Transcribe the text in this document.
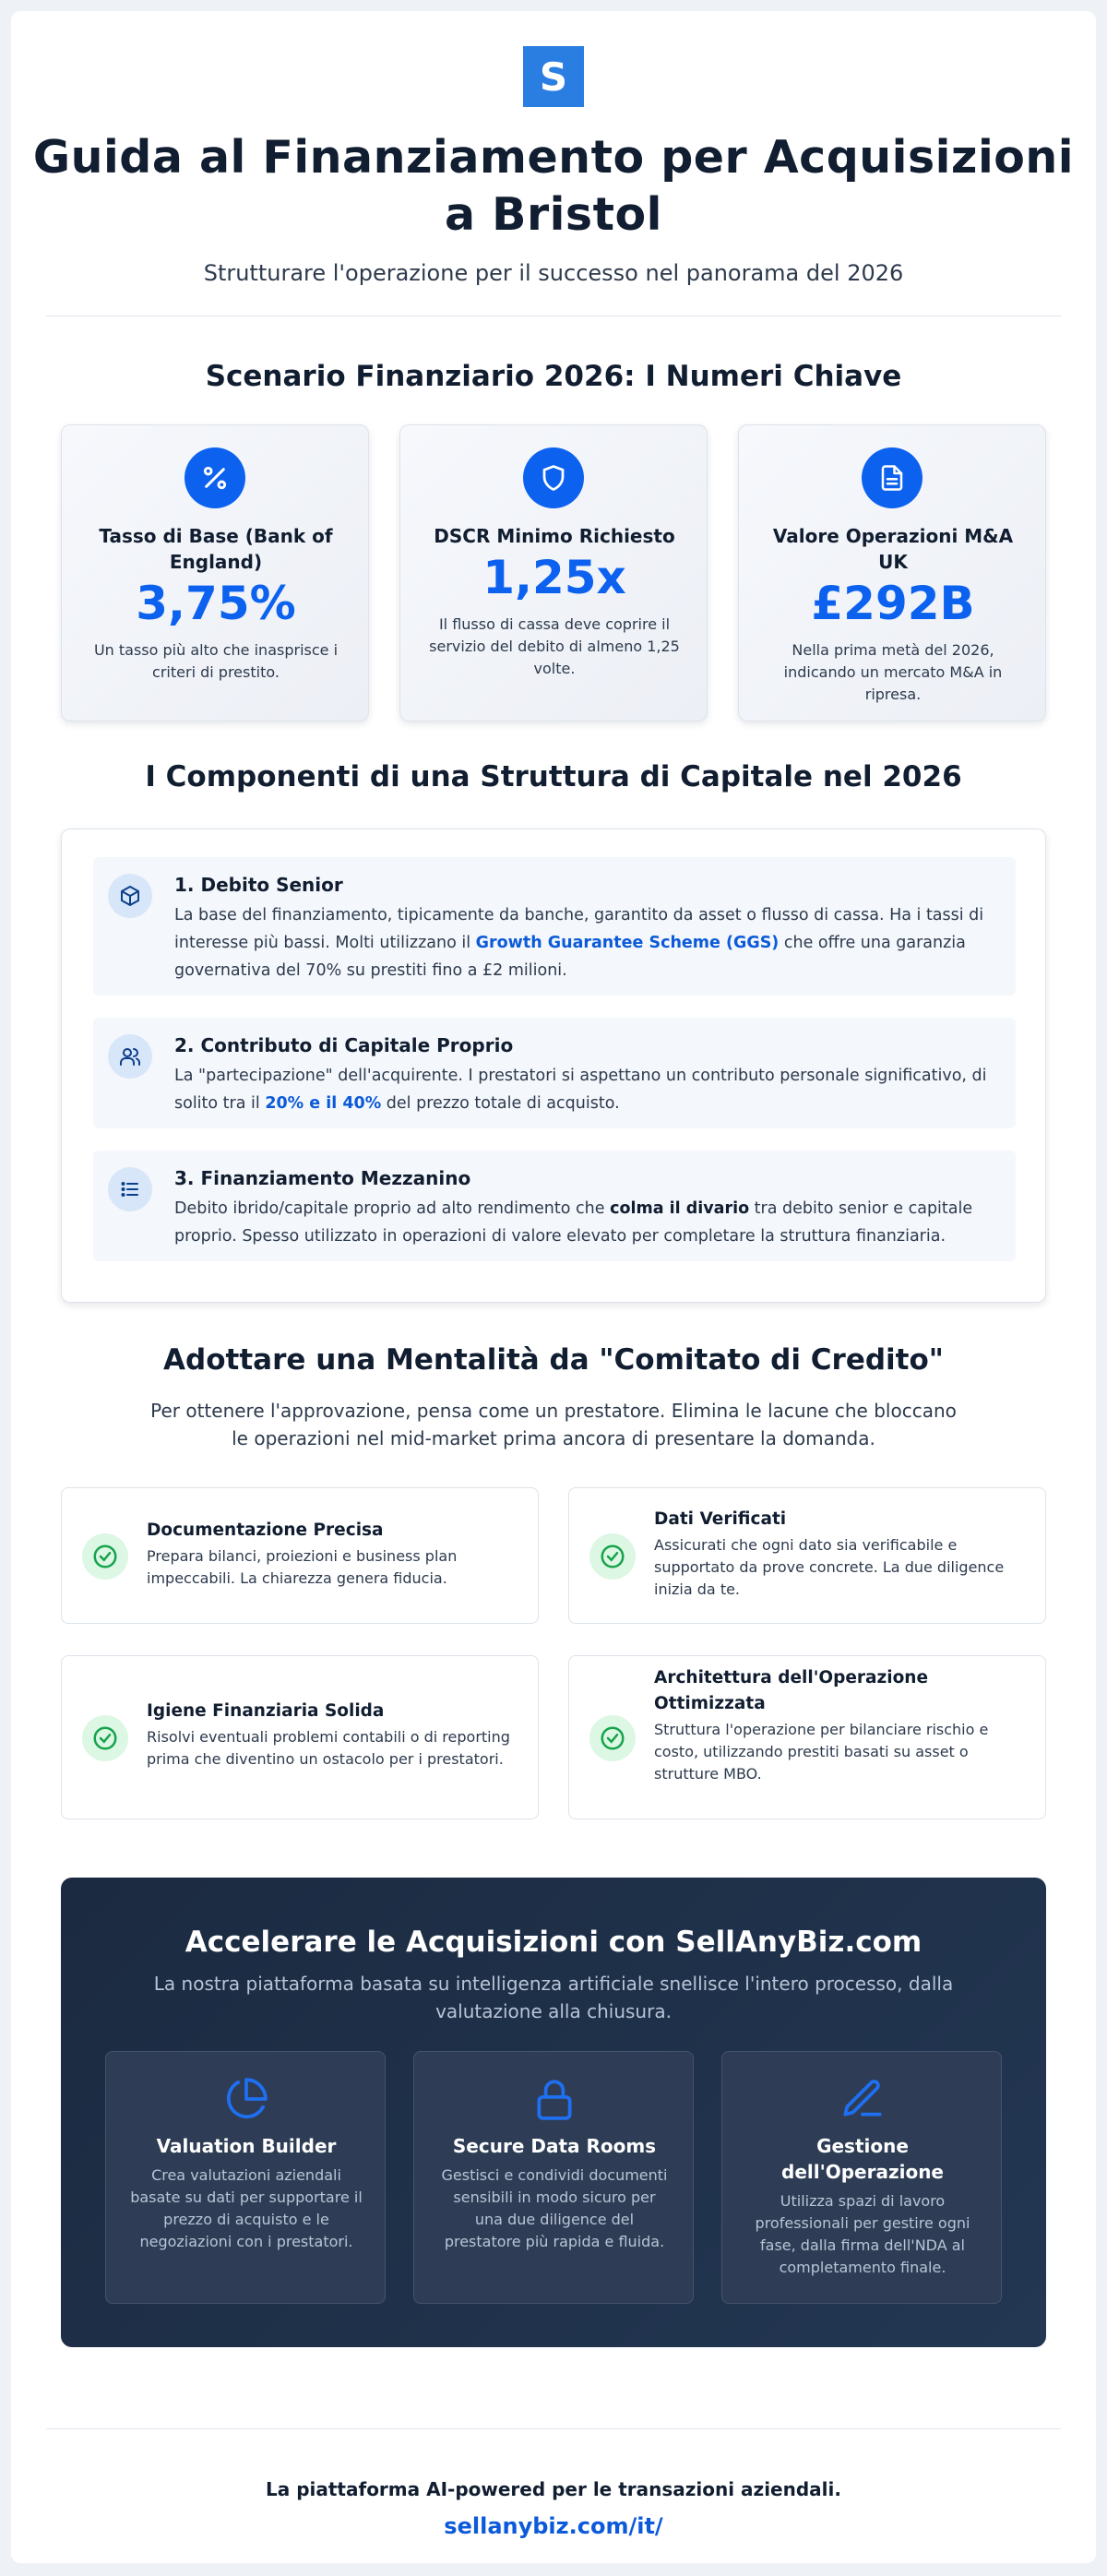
S
Guida al Finanziamento per Acquisizioni a Bristol

Strutturare l'operazione per il successo nel panorama del 2026

Scenario Finanziario 2026: I Numeri Chiave
Tasso di Base (Bank of England)
3,75%
Un tasso più alto che inasprisce i criteri di prestito.
DSCR Minimo Richiesto
1,25x
Il flusso di cassa deve coprire il servizio del debito di almeno 1,25 volte.
Valore Operazioni M&A UK
£292B
Nella prima metà del 2026, indicando un mercato M&A in ripresa.
I Componenti di una Struttura di Capitale nel 2026
1. Debito Senior
La base del finanziamento, tipicamente da banche, garantito da asset o flusso di cassa. Ha i tassi di interesse più bassi. Molti utilizzano il Growth Guarantee Scheme (GGS) che offre una garanzia governativa del 70% su prestiti fino a £2 milioni.
2. Contributo di Capitale Proprio
La "partecipazione" dell'acquirente. I prestatori si aspettano un contributo personale significativo, di solito tra il 20% e il 40% del prezzo totale di acquisto.
3. Finanziamento Mezzanino
Debito ibrido/capitale proprio ad alto rendimento che colma il divario tra debito senior e capitale proprio. Spesso utilizzato in operazioni di valore elevato per completare la struttura finanziaria.
Adottare una Mentalità da "Comitato di Credito"

Per ottenere l'approvazione, pensa come un prestatore. Elimina le lacune che bloccano le operazioni nel mid-market prima ancora di presentare la domanda.

Documentazione Precisa
Prepara bilanci, proiezioni e business plan impeccabili. La chiarezza genera fiducia.
Dati Verificati
Assicurati che ogni dato sia verificabile e supportato da prove concrete. La due diligence inizia da te.
Igiene Finanziaria Solida
Risolvi eventuali problemi contabili o di reporting prima che diventino un ostacolo per i prestatori.
Architettura dell'Operazione Ottimizzata
Struttura l'operazione per bilanciare rischio e costo, utilizzando prestiti basati su asset o strutture MBO.
Accelerare le Acquisizioni con SellAnyBiz.com

La nostra piattaforma basata su intelligenza artificiale snellisce l'intero processo, dalla valutazione alla chiusura.

Valuation Builder
Crea valutazioni aziendali basate su dati per supportare il prezzo di acquisto e le negoziazioni con i prestatori.
Secure Data Rooms
Gestisci e condividi documenti sensibili in modo sicuro per una due diligence del prestatore più rapida e fluida.
Gestione dell'Operazione
Utilizza spazi di lavoro professionali per gestire ogni fase, dalla firma dell'NDA al completamento finale.

La piattaforma AI-powered per le transazioni aziendali.

sellanybiz.com/it/
